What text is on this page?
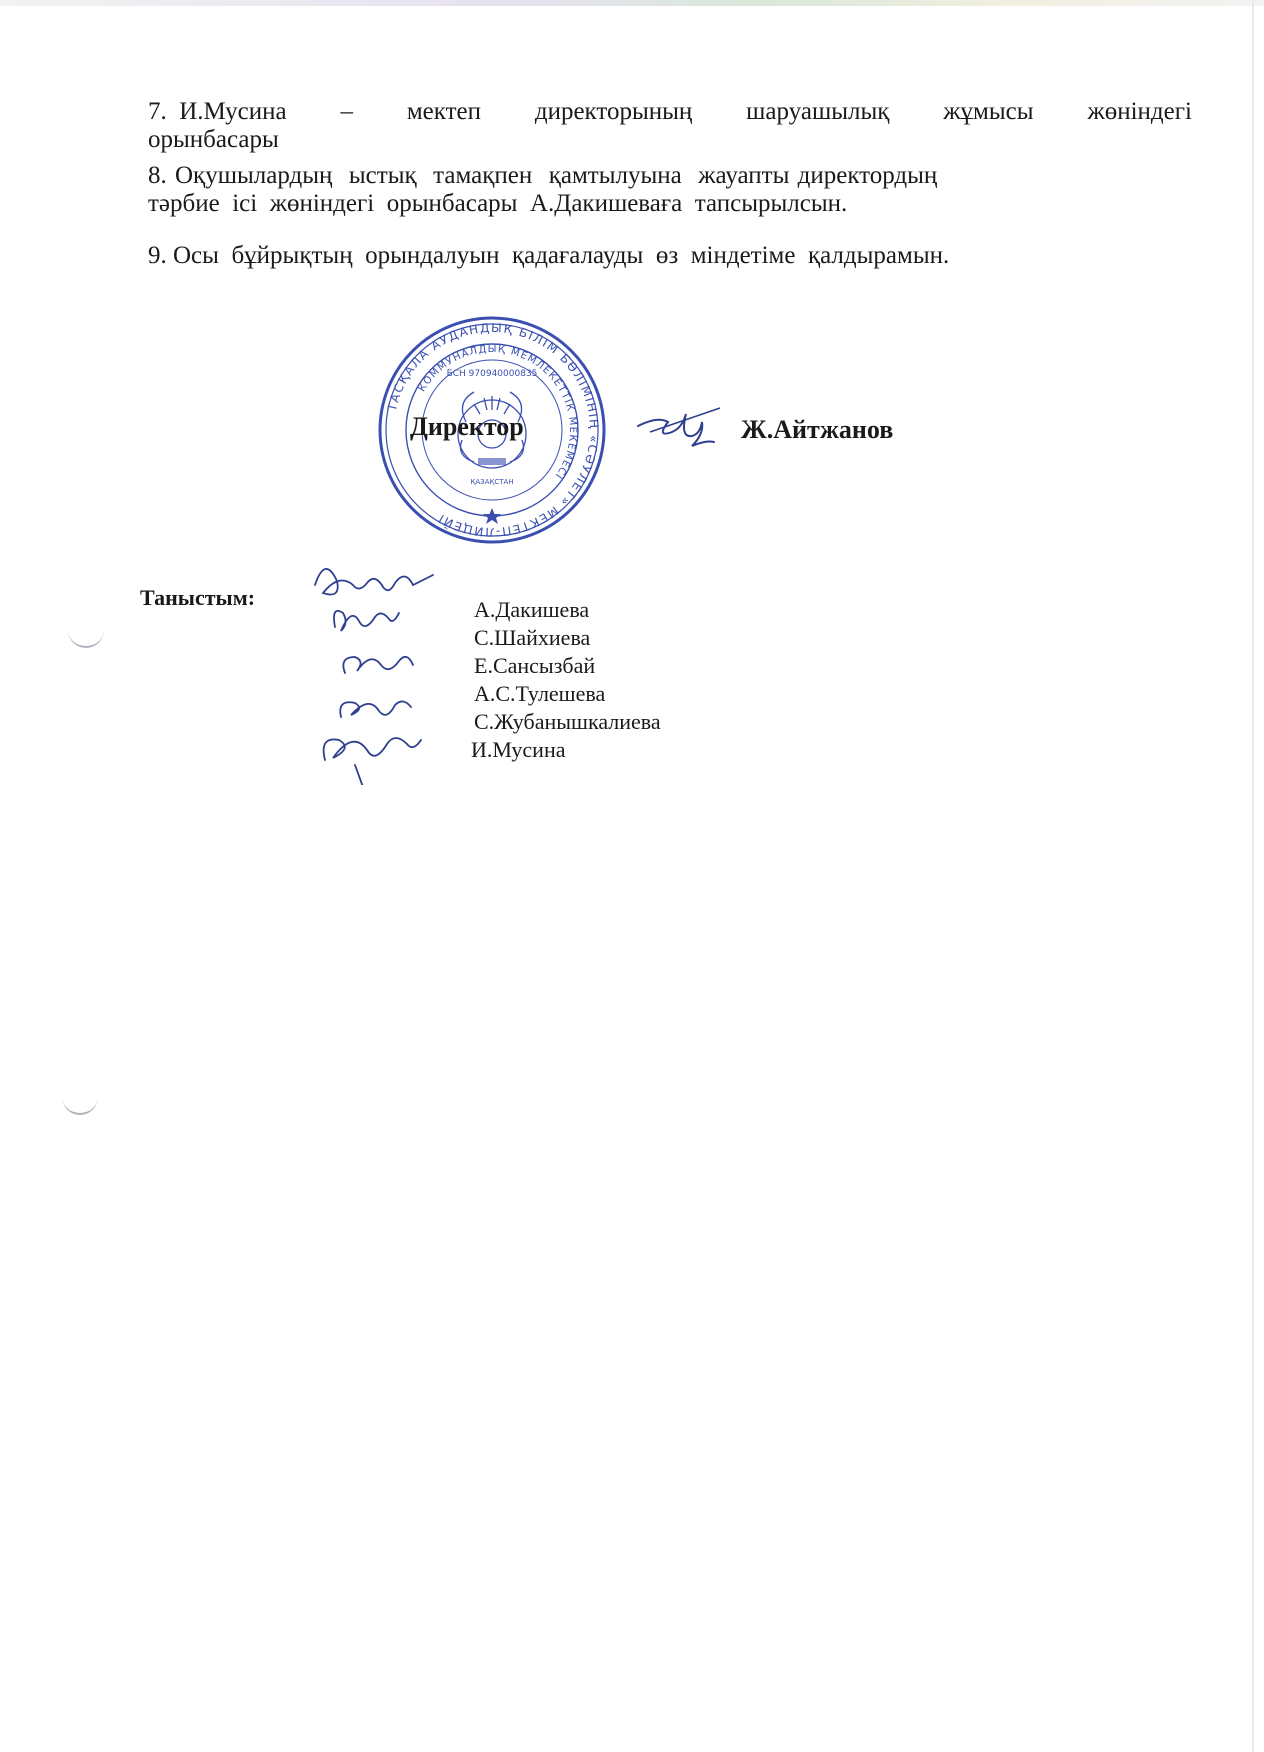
7. И.Мусина – мектеп директорының шаруашылық жұмысы жөніндегі
орынбасары
8. Оқушылардың  ыстық  тамақпен  қамтылуына  жауапты директордың
тәрбие  ісі  жөніндегі  орынбасары  А.Дакишеваға  тапсырылсын.
9. Осы  бұйрықтың  орындалуын  қадағалауды  өз  міндетіме  қалдырамын.
ТАСҚАЛА АУДАНДЫҚ БІЛІМ БӨЛІМІНІҢ «СӘУЛЕТ» МЕКТЕП-ЛИЦЕЙІ
КОММУНАЛДЫҚ МЕМЛЕКЕТТІК МЕКЕМЕСІ
БСН 970940000835
ҚАЗАҚСТАН
Директор	Ж.Айтжанов
Таныстым:	А.Дакишева
С.Шайхиева
Е.Сансызбай
А.С.Тулешева
С.Жубанышкалиева
И.Мусина
